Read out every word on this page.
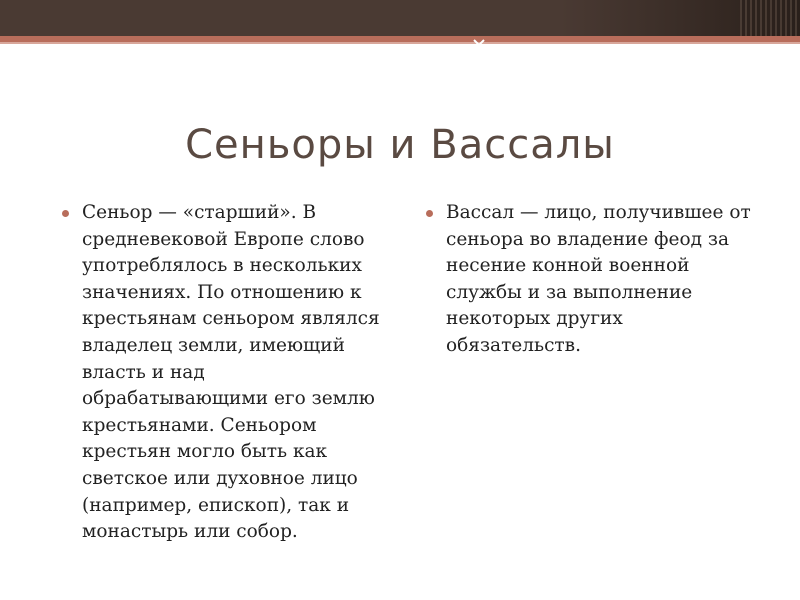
Сеньоры и Вассалы

Сеньор — «старший». В средневековой Европе слово употреблялось в нескольких значениях. По отношению к крестьянам сеньором являлся владелец земли, имеющий власть и над обрабатывающими его землю крестьянами. Сеньором крестьян могло быть как светское или духовное лицо (например, епископ), так и монастырь или собор.

Вассал — лицо, получившее от сеньора во владение феод за несение конной военной службы и за выполнение некоторых других обязательств.
